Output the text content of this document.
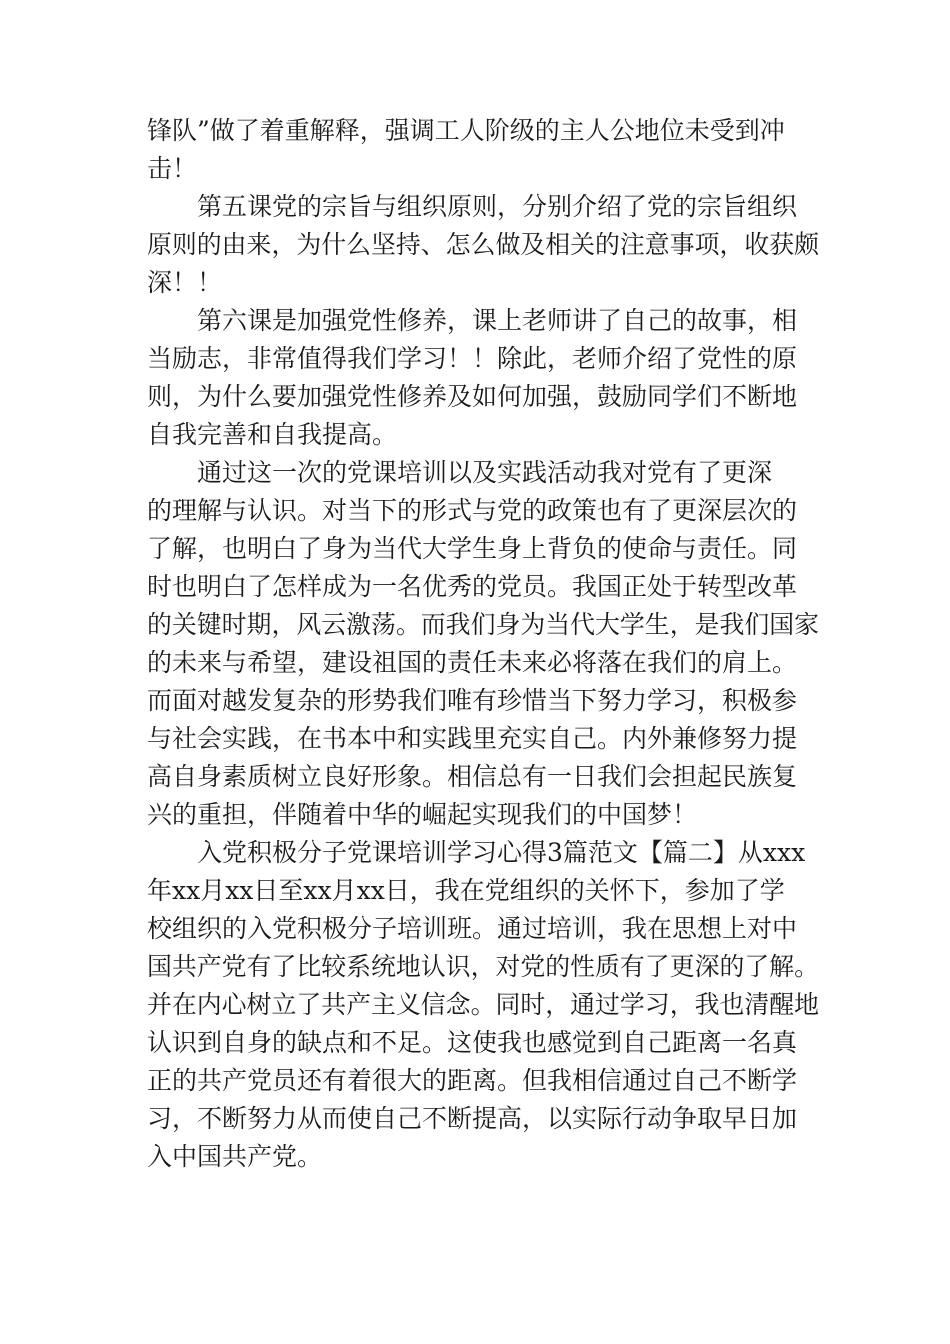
锋队”做了着重解释，强调工人阶级的主人公地位未受到冲
击！
　　第五课党的宗旨与组织原则，分别介绍了党的宗旨组织
原则的由来，为什么坚持、怎么做及相关的注意事项，收获颇
深！！
　　第六课是加强党性修养，课上老师讲了自己的故事，相
当励志，非常值得我们学习！！除此，老师介绍了党性的原
则，为什么要加强党性修养及如何加强，鼓励同学们不断地
自我完善和自我提高。
　　通过这一次的党课培训以及实践活动我对党有了更深
的理解与认识。对当下的形式与党的政策也有了更深层次的
了解，也明白了身为当代大学生身上背负的使命与责任。同
时也明白了怎样成为一名优秀的党员。我国正处于转型改革
的关键时期，风云激荡。而我们身为当代大学生，是我们国家
的未来与希望，建设祖国的责任未来必将落在我们的肩上。
而面对越发复杂的形势我们唯有珍惜当下努力学习，积极参
与社会实践，在书本中和实践里充实自己。内外兼修努力提
高自身素质树立良好形象。相信总有一日我们会担起民族复
兴的重担，伴随着中华的崛起实现我们的中国梦！
　　入党积极分子党课培训学习心得3篇范文【篇二】从xxx
年xx月xx日至xx月xx日，我在党组织的关怀下，参加了学
校组织的入党积极分子培训班。通过培训，我在思想上对中
国共产党有了比较系统地认识，对党的性质有了更深的了解。
并在内心树立了共产主义信念。同时，通过学习，我也清醒地
认识到自身的缺点和不足。这使我也感觉到自己距离一名真
正的共产党员还有着很大的距离。但我相信通过自己不断学
习，不断努力从而使自己不断提高，以实际行动争取早日加
入中国共产党。
